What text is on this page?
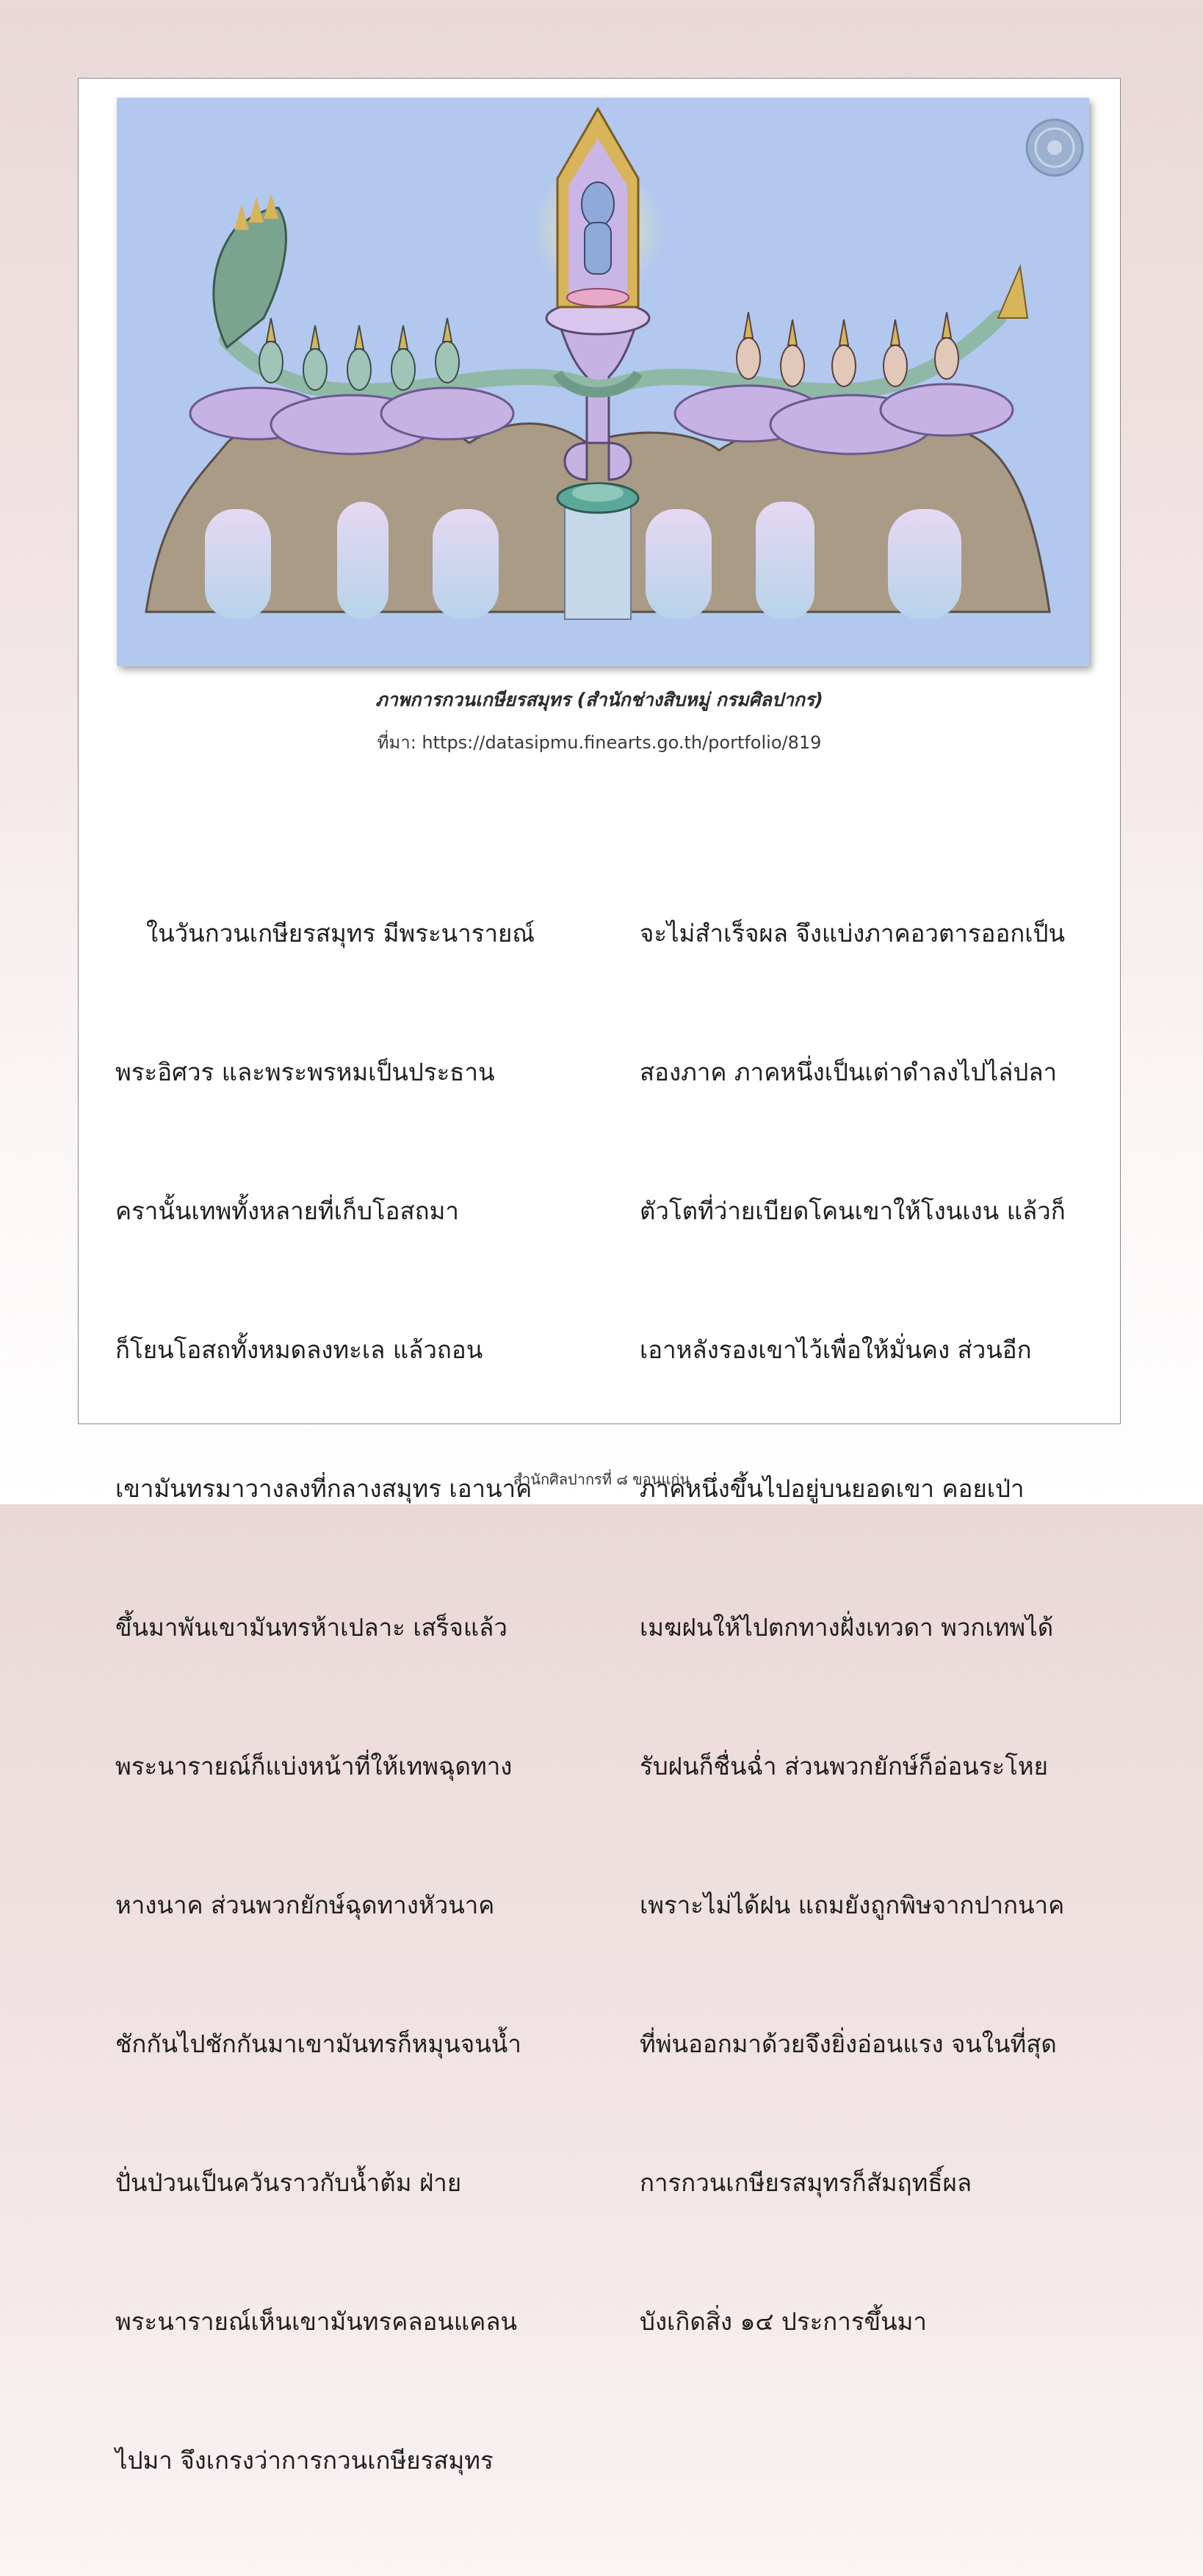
ภาพการกวนเกษียรสมุทร (สำนักช่างสิบหมู่ กรมศิลปากร)
ที่มา: https://datasipmu.finearts.go.th/portfolio/819

ในวันกวนเกษียรสมุทร มีพระนารายณ์

พระอิศวร และพระพรหมเป็นประธาน

ครานั้นเทพทั้งหลายที่เก็บโอสถมา

ก็โยนโอสถทั้งหมดลงทะเล แล้วถอน

เขามันทรมาวางลงที่กลางสมุทร เอานาค

ขึ้นมาพันเขามันทรห้าเปลาะ เสร็จแล้ว

พระนารายณ์ก็แบ่งหน้าที่ให้เทพฉุดทาง

หางนาค ส่วนพวกยักษ์ฉุดทางหัวนาค

ชักกันไปชักกันมาเขามันทรก็หมุนจนน้ำ

ปั่นป่วนเป็นควันราวกับน้ำต้ม ฝ่าย

พระนารายณ์เห็นเขามันทรคลอนแคลน

ไปมา จึงเกรงว่าการกวนเกษียรสมุทร

จะไม่สำเร็จผล จึงแบ่งภาคอวตารออกเป็น

สองภาค ภาคหนึ่งเป็นเต่าดำลงไปไล่ปลา

ตัวโตที่ว่ายเบียดโคนเขาให้โงนเงน แล้วก็

เอาหลังรองเขาไว้เพื่อให้มั่นคง ส่วนอีก

ภาคหนึ่งขึ้นไปอยู่บนยอดเขา คอยเป่า

เมฆฝนให้ไปตกทางฝั่งเทวดา พวกเทพได้

รับฝนก็ชื่นฉ่ำ ส่วนพวกยักษ์ก็อ่อนระโหย

เพราะไม่ได้ฝน แถมยังถูกพิษจากปากนาค

ที่พ่นออกมาด้วยจึงยิ่งอ่อนแรง จนในที่สุด

การกวนเกษียรสมุทรก็สัมฤทธิ์ผล

บังเกิดสิ่ง ๑๔ ประการขึ้นมา

สำนักศิลปากรที่ ๘ ขอนแก่น
